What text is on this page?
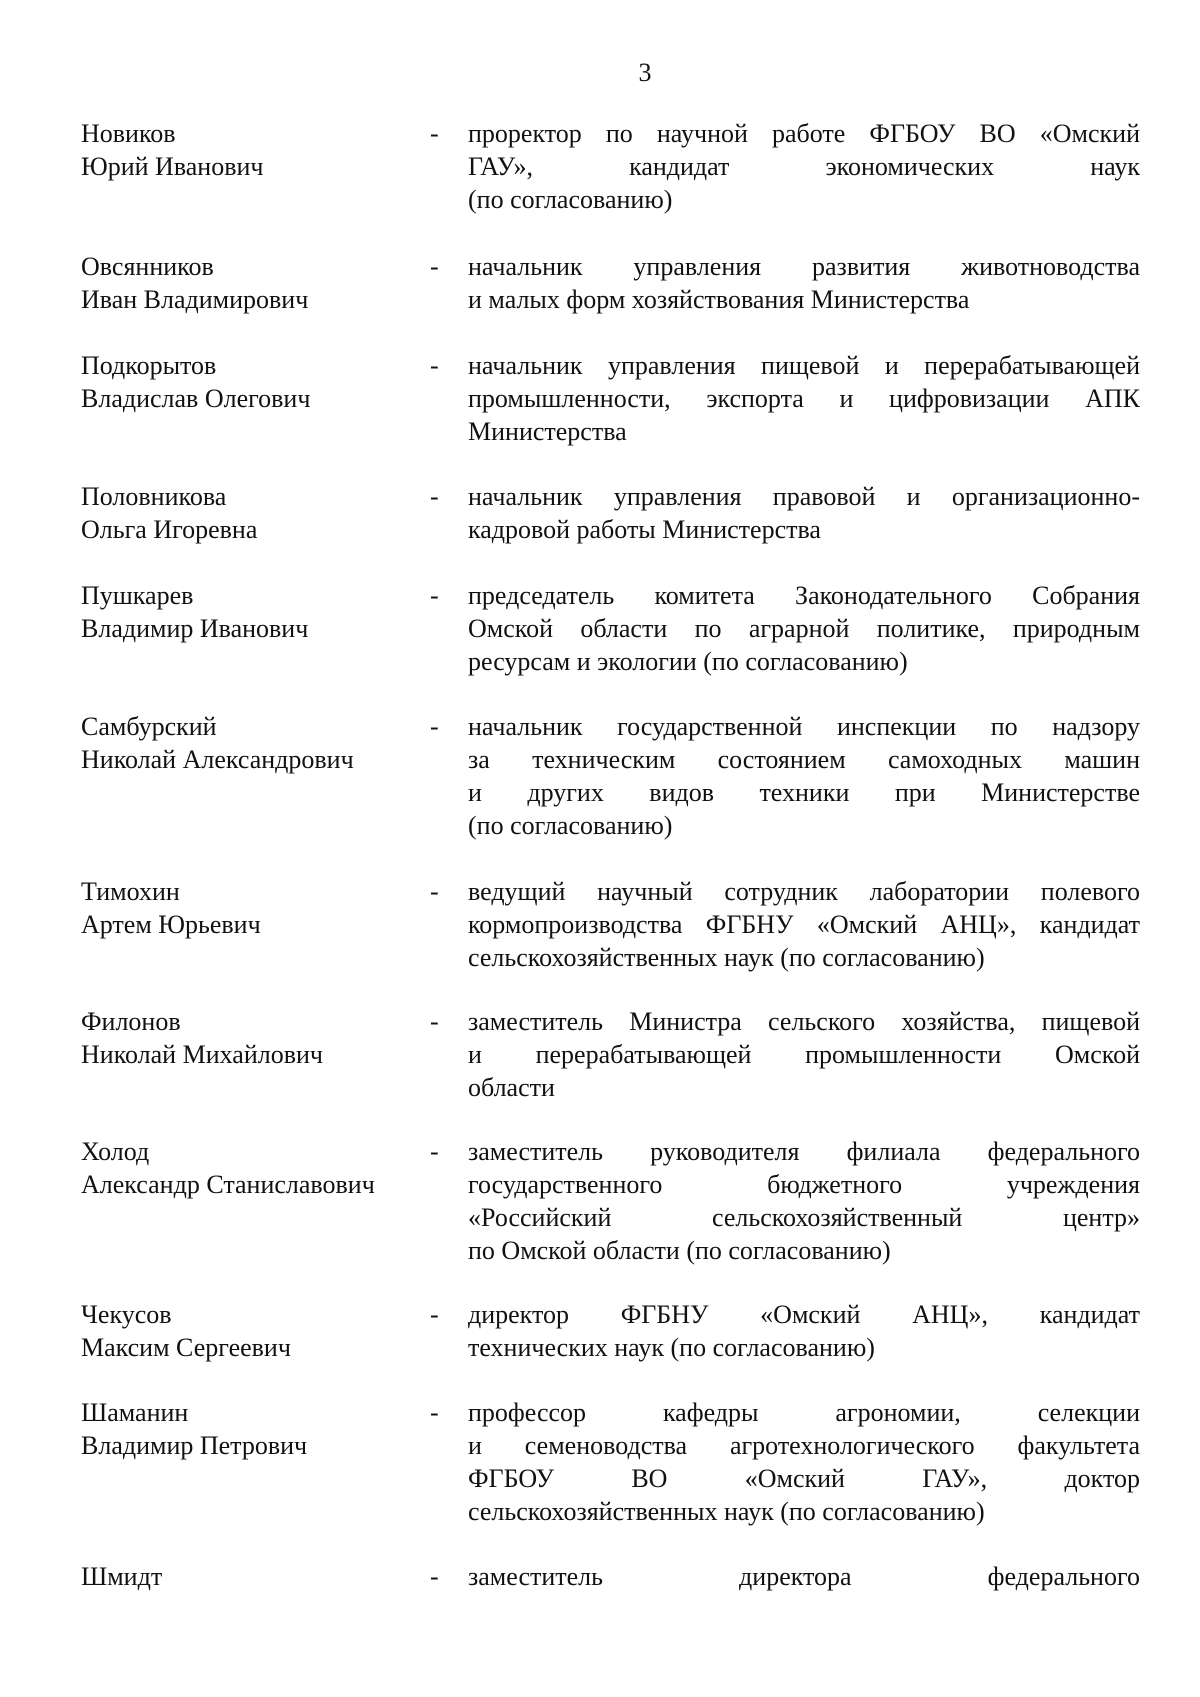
3
Новиков
Юрий Иванович
- проректор по научной работе ФГБОУ ВО «Омский
ГАУ», кандидат экономических наук
(по согласованию)
Овсянников
Иван Владимирович
- начальник управления развития животноводства
и малых форм хозяйствования Министерства
Подкорытов
Владислав Олегович
- начальник управления пищевой и перерабатывающей
промышленности, экспорта и цифровизации АПК
Министерства
Половникова
Ольга Игоревна
- начальник управления правовой и организационно-
кадровой работы Министерства
Пушкарев
Владимир Иванович
- председатель комитета Законодательного Собрания
Омской области по аграрной политике, природным
ресурсам и экологии (по согласованию)
Самбурский
Николай Александрович
- начальник государственной инспекции по надзору
за техническим состоянием самоходных машин
и других видов техники при Министерстве
(по согласованию)
Тимохин
Артем Юрьевич
- ведущий научный сотрудник лаборатории полевого
кормопроизводства ФГБНУ «Омский АНЦ», кандидат
сельскохозяйственных наук (по согласованию)
Филонов
Николай Михайлович
- заместитель Министра сельского хозяйства, пищевой
и перерабатывающей промышленности Омской
области
Холод
Александр Станиславович
- заместитель руководителя филиала федерального
государственного бюджетного учреждения
«Российский сельскохозяйственный центр»
по Омской области (по согласованию)
Чекусов
Максим Сергеевич
- директор ФГБНУ «Омский АНЦ», кандидат
технических наук (по согласованию)
Шаманин
Владимир Петрович
- профессор кафедры агрономии, селекции
и семеноводства агротехнологического факультета
ФГБОУ ВО «Омский ГАУ», доктор
сельскохозяйственных наук (по согласованию)
Шмидт	- заместитель директора федерального
